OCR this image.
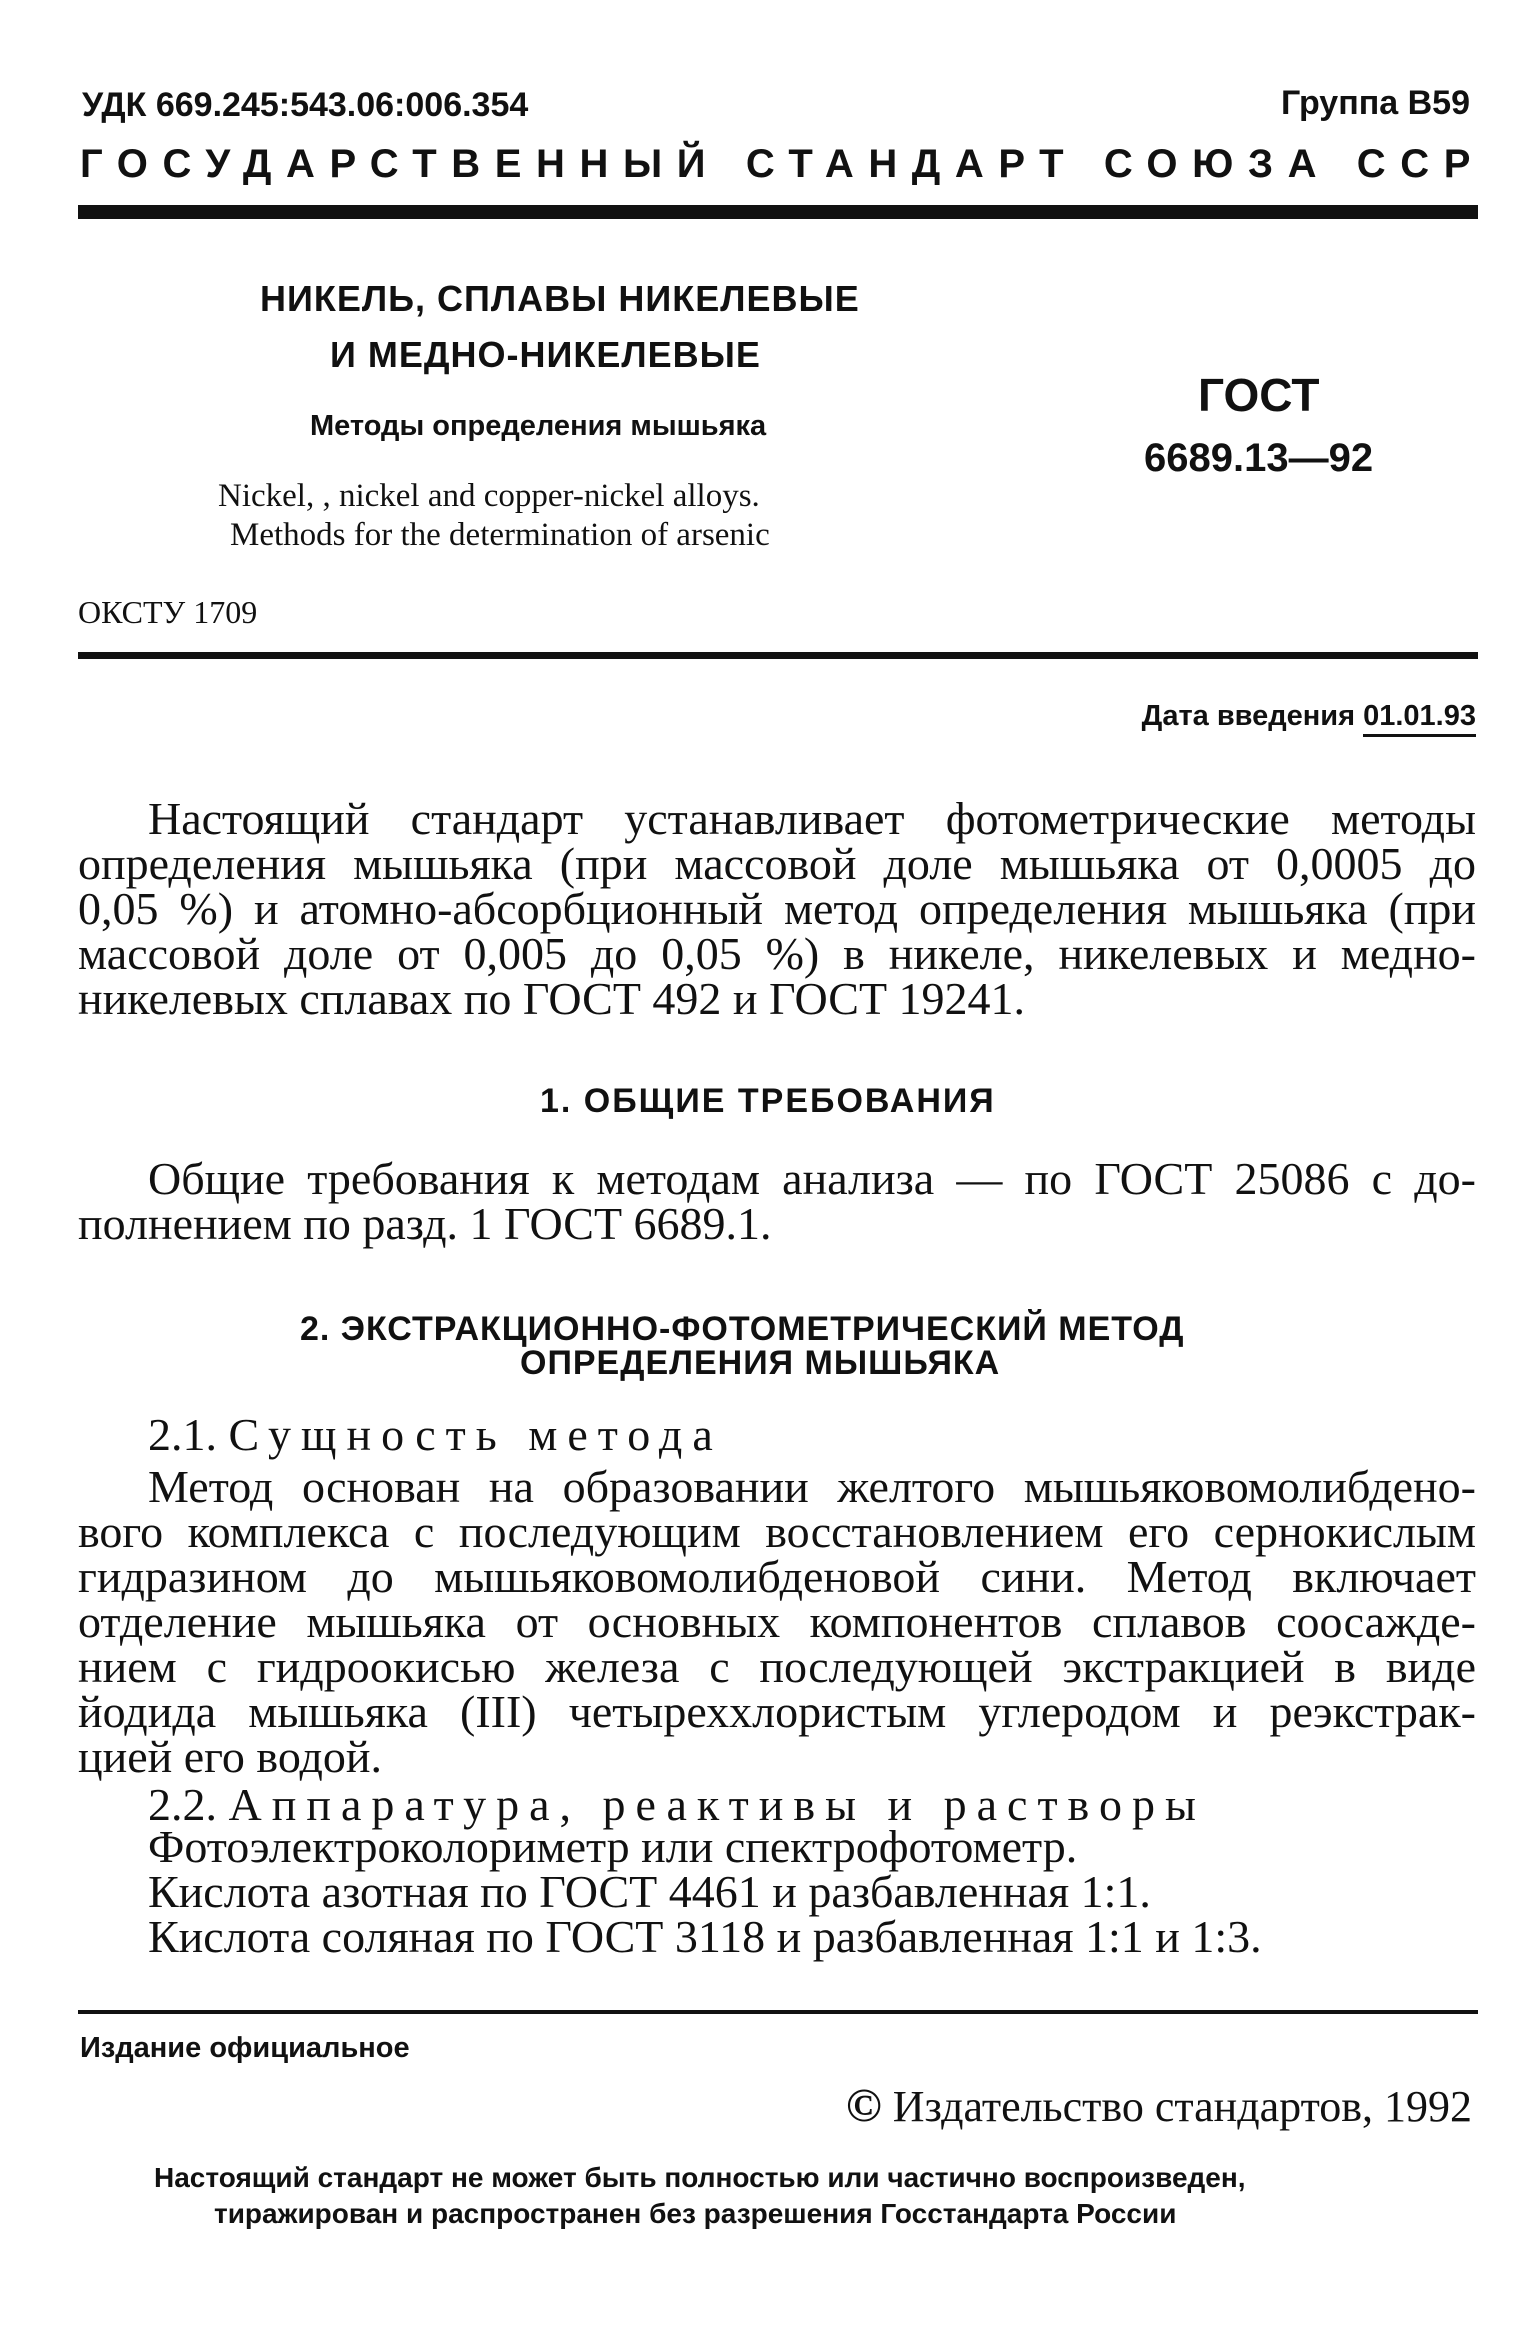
УДК 669.245:543.06:006.354	Группа В59
ГОСУДАРСТВЕННЫЙ СТАНДАРТ СОЮЗА ССР
НИКЕЛЬ, СПЛАВЫ НИКЕЛЕВЫЕ
И МЕДНО-НИКЕЛЕВЫЕ
Методы определения мышьяка
Nickel, , nickel and copper-nickel alloys.
Methods for the determination of arsenic
ГОСТ
6689.13—92
ОКСТУ 1709
Дата введения 01.01.93
Настоящий стандарт устанавливает фотометрические методы
определения мышьяка (при массовой доле мышьяка от 0,0005 до
0,05 %) и атомно-абсорбционный метод определения мышьяка (при
массовой доле от 0,005 до 0,05 %) в никеле, никелевых и медно-
никелевых сплавах по ГОСТ 492 и ГОСТ 19241.
1. ОБЩИЕ ТРЕБОВАНИЯ
Общие требования к методам анализа — по ГОСТ 25086 с до-
полнением по разд. 1 ГОСТ 6689.1.
2. ЭКСТРАКЦИОННО-ФОТОМЕТРИЧЕСКИЙ МЕТОД
ОПРЕДЕЛЕНИЯ МЫШЬЯКА
2.1. Сущность метода
Метод основан на образовании желтого мышьяковомолибдено-
вого комплекса с последующим восстановлением его сернокислым
гидразином до мышьяковомолибденовой сини. Метод включает
отделение мышьяка от основных компонентов сплавов соосажде-
нием с гидроокисью железа с последующей экстракцией в виде
йодида мышьяка (III) четыреххлористым углеродом и реэкстрак-
цией его водой.
2.2. Аппаратура, реактивы и растворы
Фотоэлектроколориметр или спектрофотометр.
Кислота азотная по ГОСТ 4461 и разбавленная 1:1.
Кислота соляная по ГОСТ 3118 и разбавленная 1:1 и 1:3.
Издание официальное
© Издательство стандартов, 1992
Настоящий стандарт не может быть полностью или частично воспроизведен,
тиражирован и распространен без разрешения Госстандарта России
